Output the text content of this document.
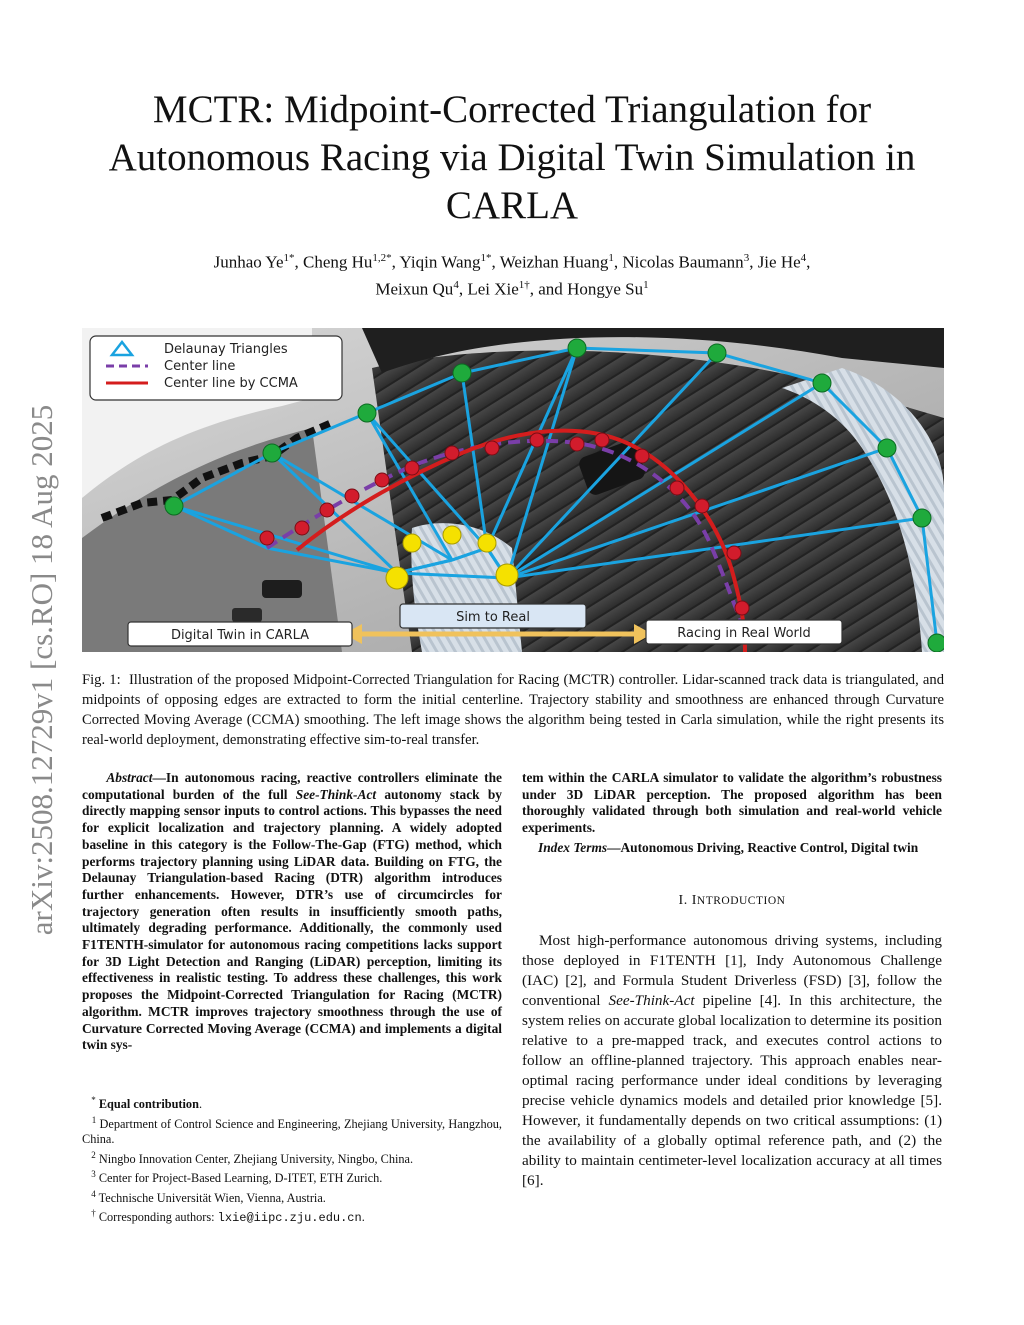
arXiv:2508.12729v1 [cs.RO] 18 Aug 2025
MCTR: Midpoint-Corrected Triangulation for Autonomous Racing via Digital Twin Simulation in CARLA
Junhao $Ye^{1*}$, Cheng $Hu^{1,2*}$, Yiqin Wang$^{1*}$, Weizhan Huang$^1$, Nicolas Baumann$^3$, Jie He$^4$,
Meixun Qu$^4$, Lei Xie$^{1\dagger}$, and Hongye Su$^1$
Delaunay Triangles
Center line
Center line by CCMA
Sim to Real
Digital Twin in CARLA	Racing in Real World

Fig. 1: Illustration of the proposed Midpoint-Corrected Triangulation for Racing (MCTR) controller. Lidar-scanned track data is triangulated, and midpoints of opposing edges are extracted to form the initial centerline. Trajectory stability and smoothness are enhanced through Curvature Corrected Moving Average (CCMA) smoothing. The left image shows the algorithm being tested in Carla simulation, while the right presents its real-world deployment, demonstrating effective sim-to-real transfer.

Abstract—In autonomous racing, reactive controllers eliminate the computational burden of the full See-Think-Act autonomy stack by directly mapping sensor inputs to control actions. This bypasses the need for explicit localization and trajectory planning. A widely adopted baseline in this category is the Follow-The-Gap (FTG) method, which performs trajectory planning using LiDAR data. Building on FTG, the Delaunay Triangulation-based Racing (DTR) algorithm introduces further enhancements. However, DTR’s use of circumcircles for trajectory generation often results in insufficiently smooth paths, ultimately degrading performance. Additionally, the commonly used F1TENTH-simulator for autonomous racing competitions lacks support for 3D Light Detection and Ranging (LiDAR) perception, limiting its effectiveness in realistic testing. To address these challenges, this work proposes the Midpoint-Corrected Triangulation for Racing (MCTR) algorithm. MCTR improves trajectory smoothness through the use of Curvature Corrected Moving Average (CCMA) and implements a digital twin sys-

* Equal contribution.

$^1$ Department of Control Science and Engineering, Zhejiang University, Hangzhou, China.

$^2$ Ningbo Innovation Center, Zhejiang University, Ningbo, China.

$^3$ Center for Project-Based Learning, D-ITET, ETH Zurich.

$^4$ Technische Universität Wien, Vienna, Austria.

† Corresponding authors: lxie@iipc.zju.edu.cn.

tem within the CARLA simulator to validate the algorithm’s robustness under 3D LiDAR perception. The proposed algorithm has been thoroughly validated through both simulation and real-world vehicle experiments.

Index Terms—Autonomous Driving, Reactive Control, Digital twin

I. INTRODUCTION

Most high-performance autonomous driving systems, including those deployed in F1TENTH [1], Indy Autonomous Challenge (IAC) [2], and Formula Student Driverless (FSD) [3], follow the conventional See-Think-Act pipeline [4]. In this architecture, the system relies on accurate global localization to determine its position relative to a pre-mapped track, and executes control actions to follow an offline-planned trajectory. This approach enables near-optimal racing performance under ideal conditions by leveraging precise vehicle dynamics models and detailed prior knowledge [5]. However, it fundamentally depends on two critical assumptions: (1) the availability of a globally optimal reference path, and (2) the ability to maintain centimeter-level localization accuracy at all times [6].
